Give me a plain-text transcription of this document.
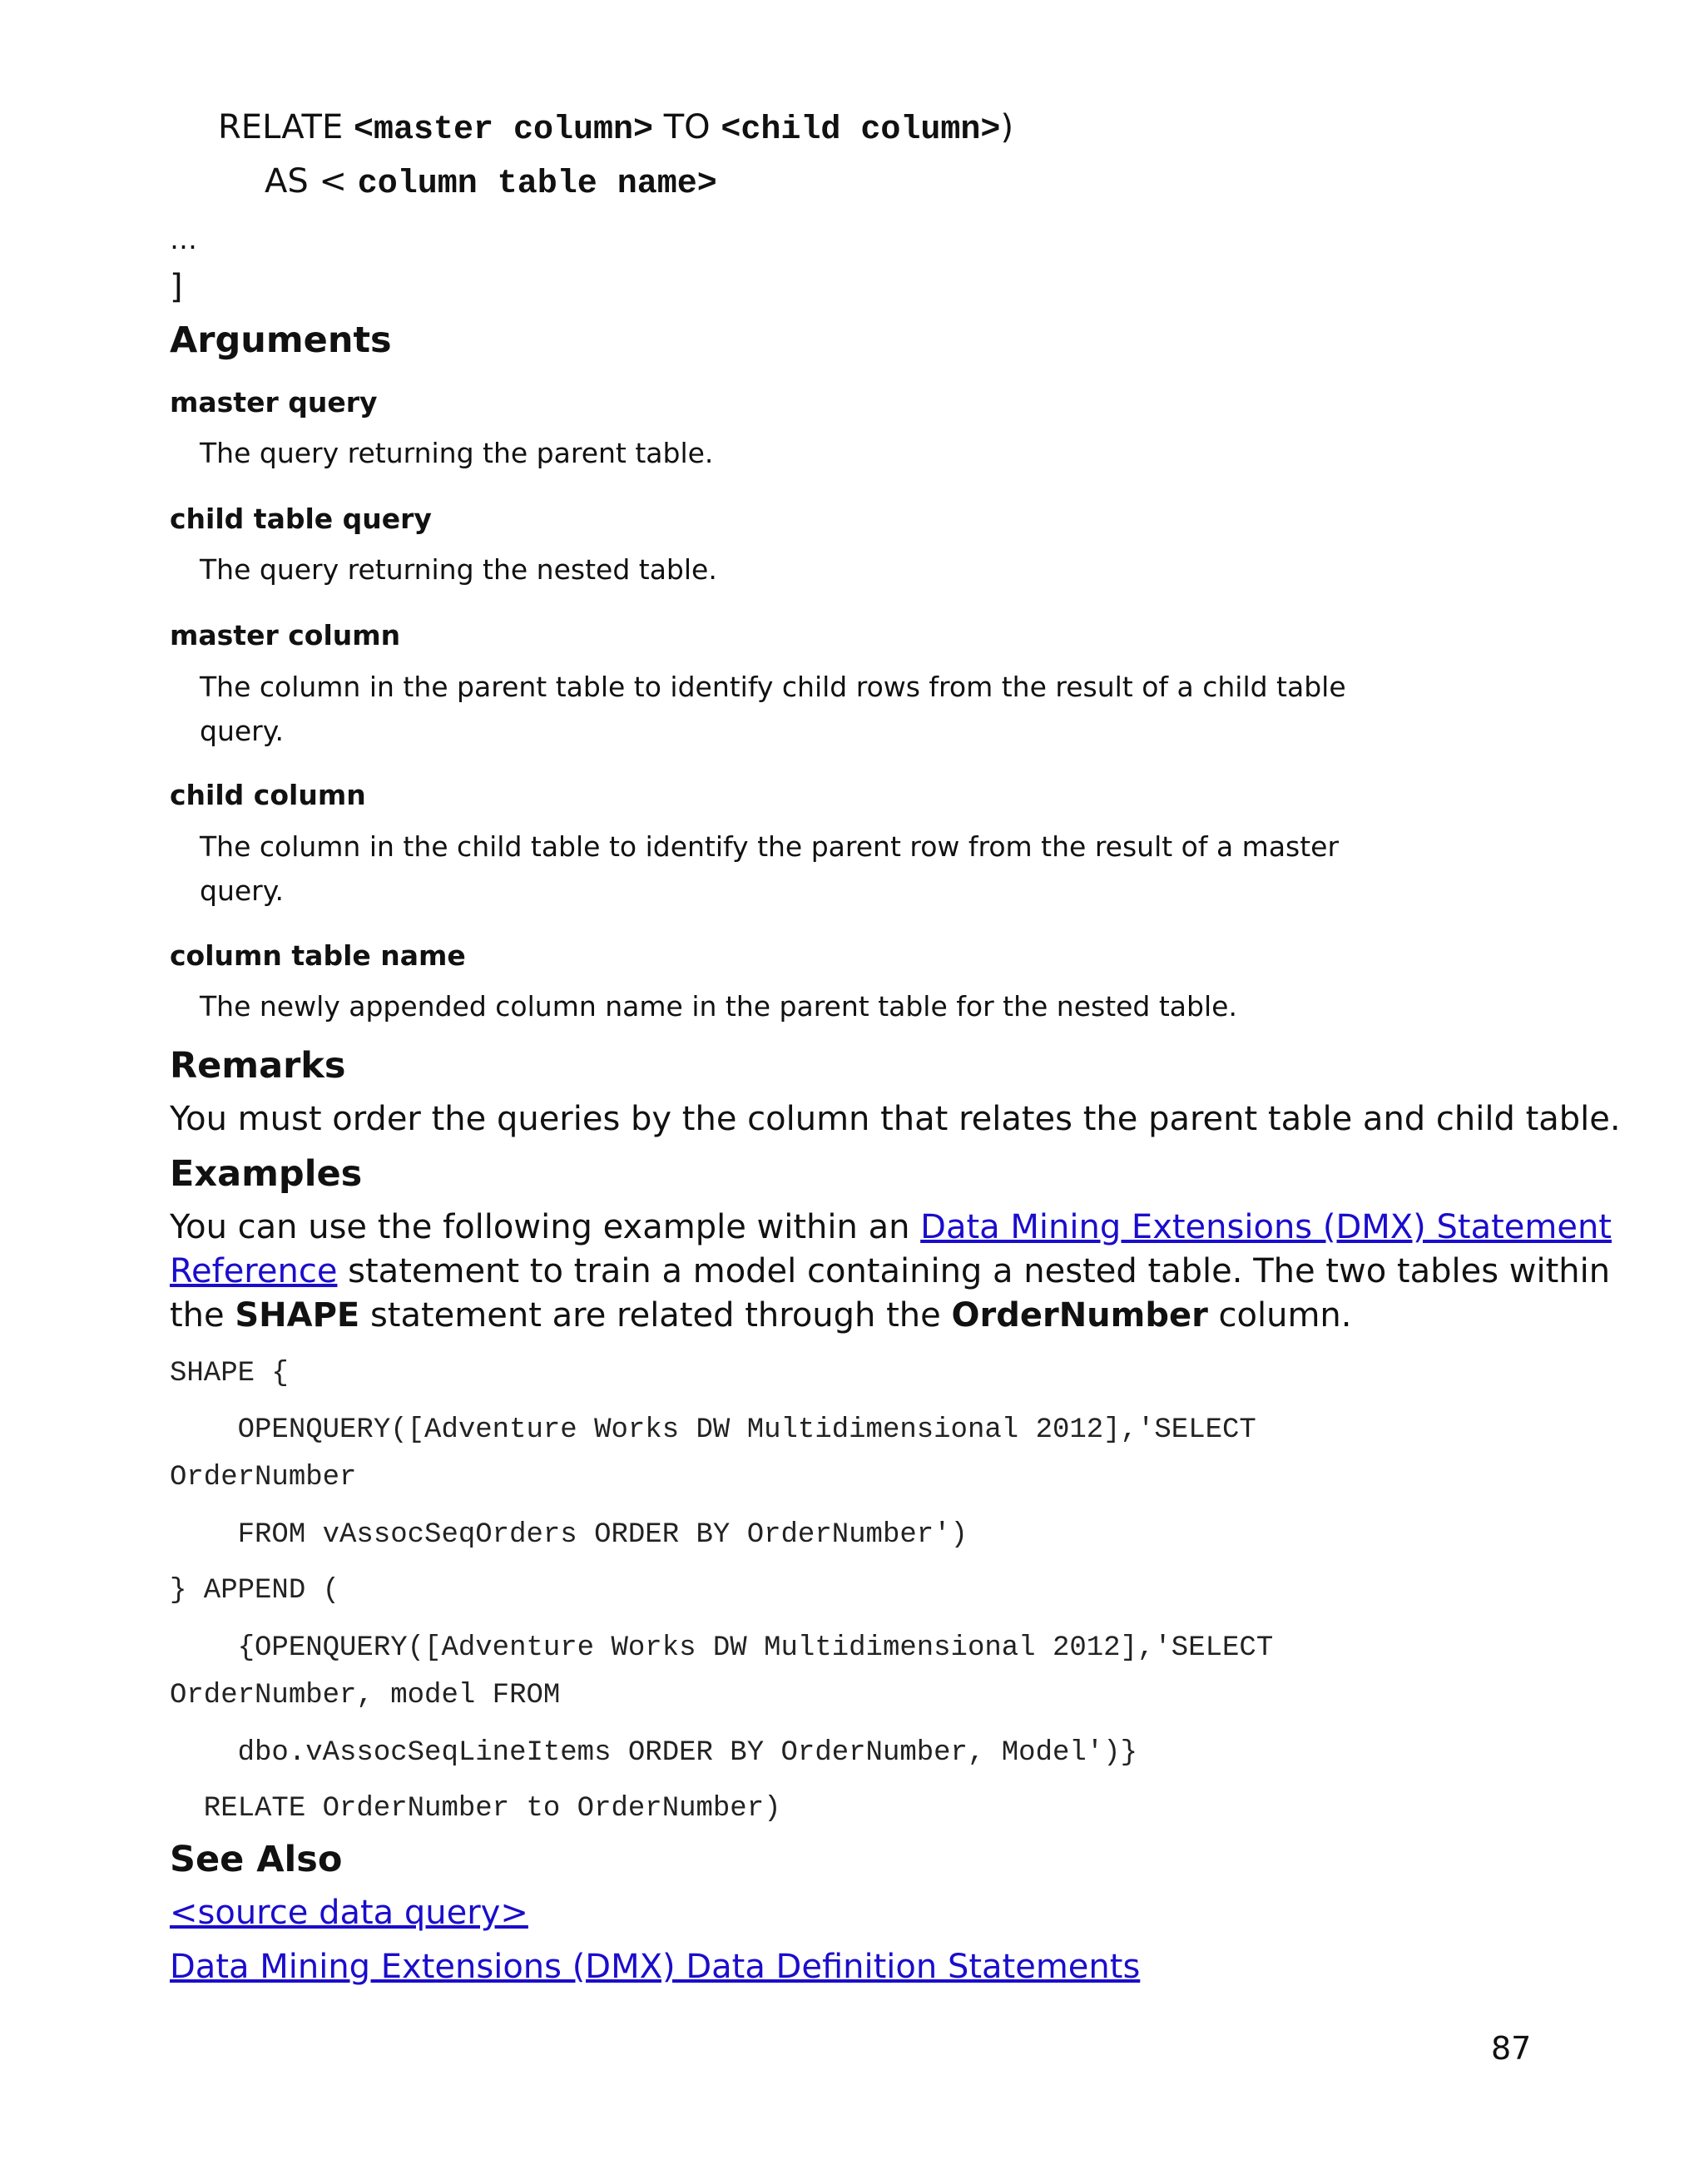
RELATE <master column> TO <child column>)
AS < column table name>
…
]
Arguments
master query
The query returning the parent table.
child table query
The query returning the nested table.
master column
The column in the parent table to identify child rows from the result of a child table
query.
child column
The column in the child table to identify the parent row from the result of a master
query.
column table name
The newly appended column name in the parent table for the nested table.
Remarks
You must order the queries by the column that relates the parent table and child table.
Examples
You can use the following example within an Data Mining Extensions (DMX) Statement
Reference statement to train a model containing a nested table. The two tables within
the SHAPE statement are related through the OrderNumber column.
SHAPE {
OPENQUERY([Adventure Works DW Multidimensional 2012],'SELECT
OrderNumber
FROM vAssocSeqOrders ORDER BY OrderNumber')
} APPEND (
{OPENQUERY([Adventure Works DW Multidimensional 2012],'SELECT
OrderNumber, model FROM
dbo.vAssocSeqLineItems ORDER BY OrderNumber, Model')}
RELATE OrderNumber to OrderNumber)
See Also
<source data query>
Data Mining Extensions (DMX) Data Definition Statements
87
